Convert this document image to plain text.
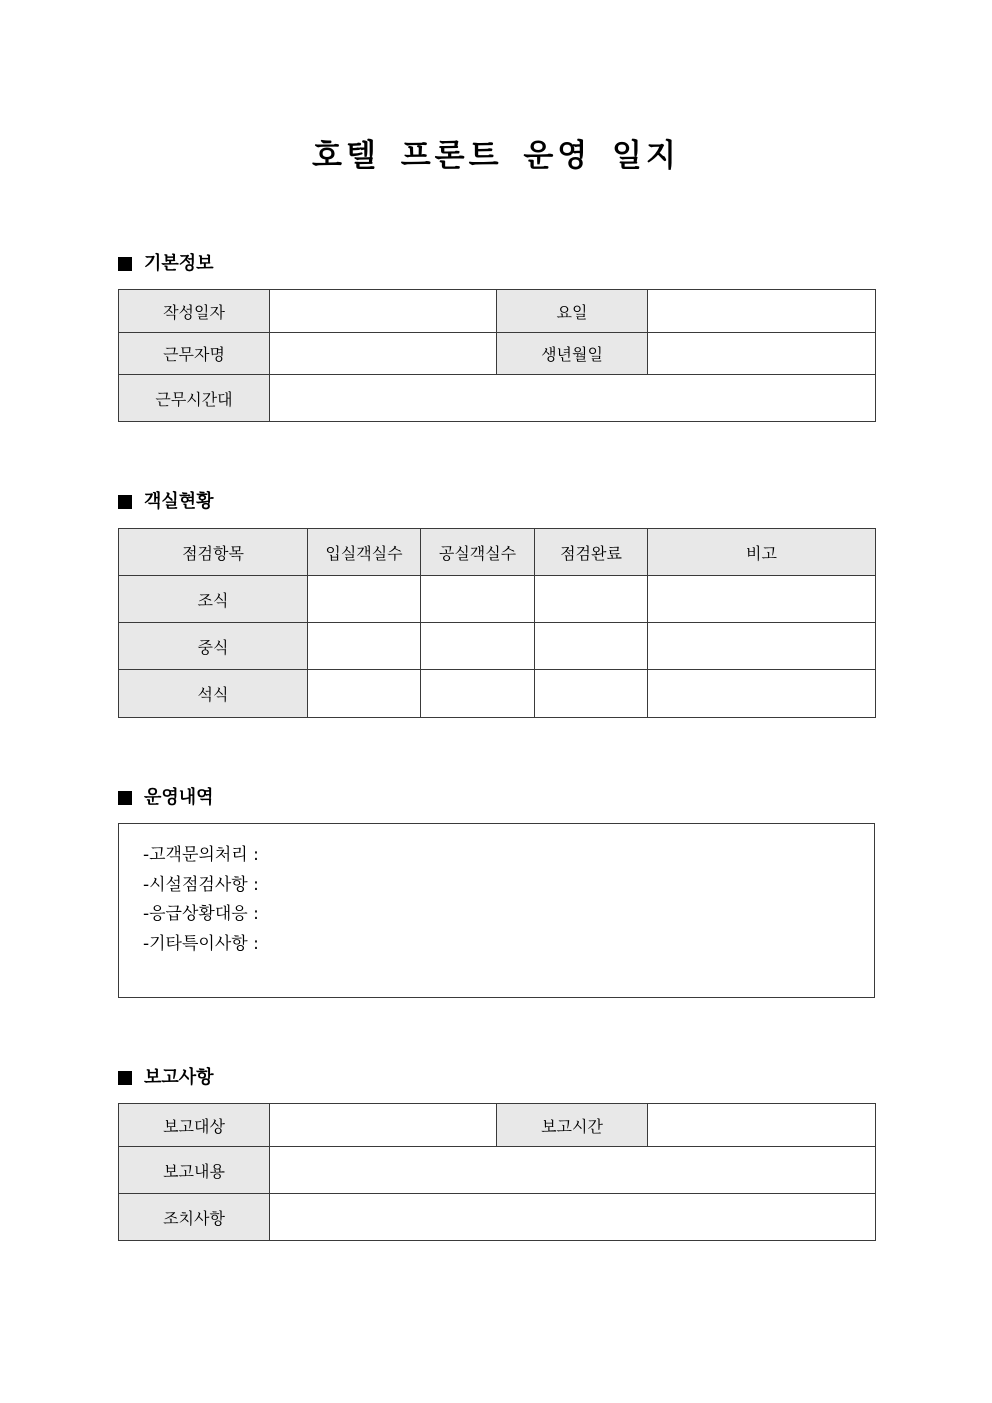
호텔 프론트 운영 일지
기본정보
작성일자		요일	
근무자명		생년월일	
근무시간대			
객실현황
점검항목	입실객실수	공실객실수	점검완료	비고
조식				
중식				
석식				
운영내역
-고객문의처리 :
-시설점검사항 :
-응급상황대응 :
-기타특이사항 :
보고사항
보고대상		보고시간	
보고내용			
조치사항			
